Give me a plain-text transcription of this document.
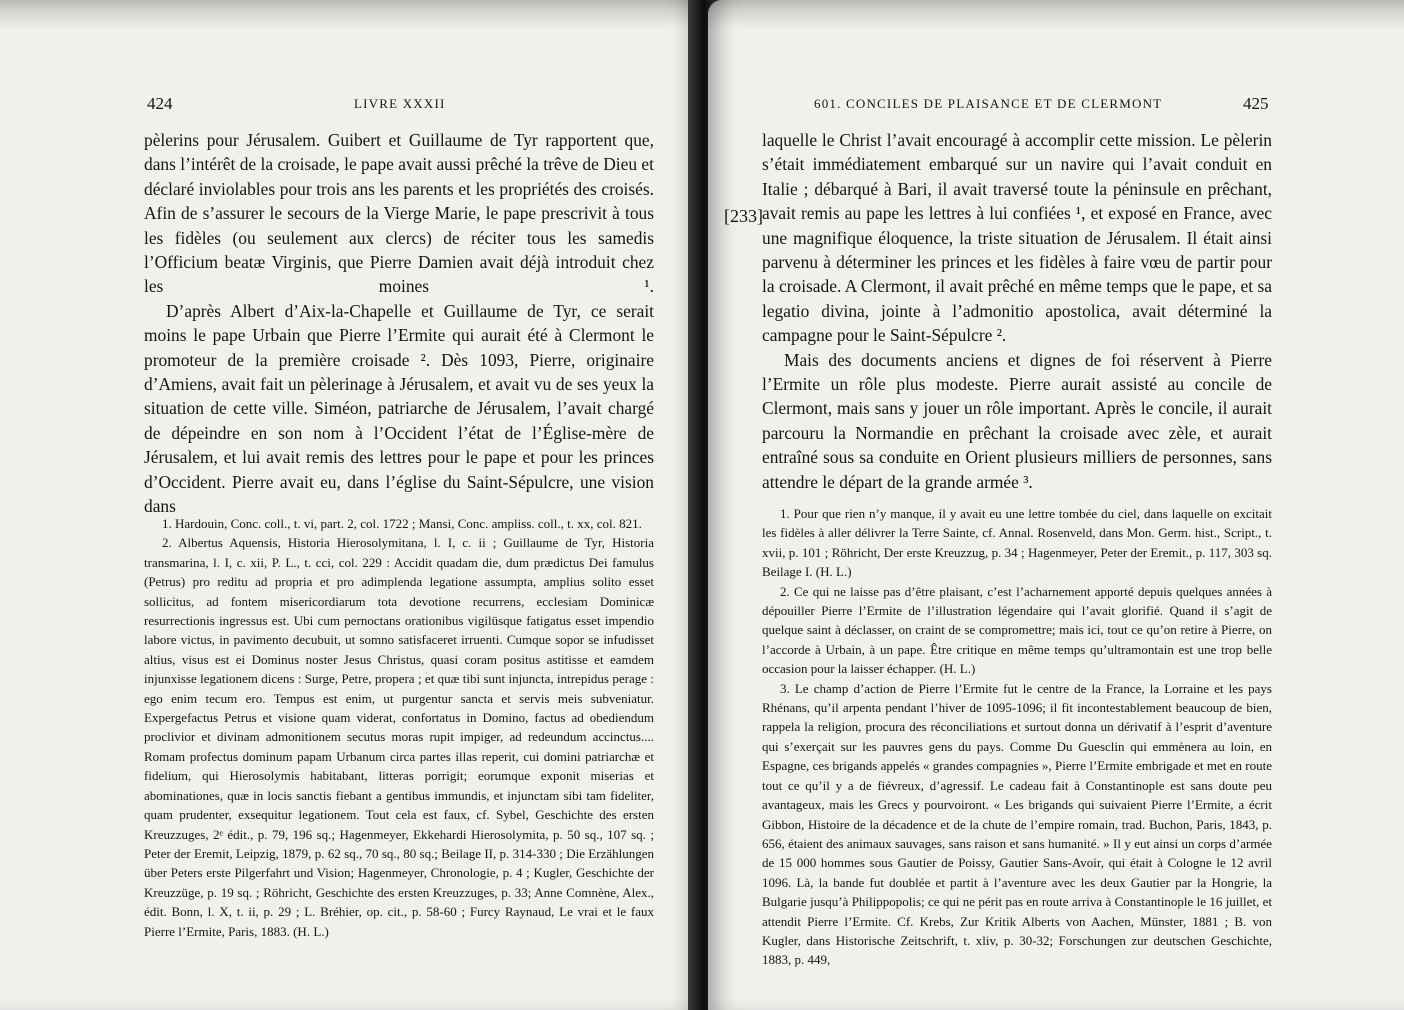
424	LIVRE XXXII

pèlerins pour Jérusalem. Guibert et Guillaume de Tyr rapportent que, dans l’intérêt de la croisade, le pape avait aussi prêché la trêve de Dieu et déclaré inviolables pour trois ans les parents et les propriétés des croisés. Afin de s’assurer le secours de la Vierge Marie, le pape prescrivit à tous les fidèles (ou seulement aux clercs) de réciter tous les samedis l’Officium beatæ Virginis, que Pierre Damien avait déjà introduit chez les moines ¹.

D’après Albert d’Aix-la-Chapelle et Guillaume de Tyr, ce serait moins le pape Urbain que Pierre l’Ermite qui aurait été à Clermont le promoteur de la première croisade ². Dès 1093, Pierre, originaire d’Amiens, avait fait un pèlerinage à Jérusalem, et avait vu de ses yeux la situation de cette ville. Siméon, patriarche de Jérusalem, l’avait chargé de dépeindre en son nom à l’Occident l’état de l’Église-mère de Jérusalem, et lui avait remis des lettres pour le pape et pour les princes d’Occident. Pierre avait eu, dans l’église du Saint-Sépulcre, une vision dans

1. Hardouin, Conc. coll., t. vi, part. 2, col. 1722 ; Mansi, Conc. ampliss. coll., t. xx, col. 821.

2. Albertus Aquensis, Historia Hierosolymitana, l. I, c. ii ; Guillaume de Tyr, Historia transmarina, l. I, c. xii, P. L., t. cci, col. 229 : Accidit quadam die, dum prædictus Dei famulus (Petrus) pro reditu ad propria et pro adimplenda legatione assumpta, amplius solito esset sollicitus, ad fontem misericordiarum tota devotione recurrens, ecclesiam Dominicæ resurrectionis ingressus est. Ubi cum pernoctans orationibus vigilüsque fatigatus esset impendio labore victus, in pavimento decubuit, ut somno satisfaceret irruenti. Cumque sopor se infudisset altius, visus est ei Dominus noster Jesus Christus, quasi coram positus astitisse et eamdem injunxisse legationem dicens : Surge, Petre, propera ; et quæ tibi sunt injuncta, intrepidus perage : ego enim tecum ero. Tempus est enim, ut purgentur sancta et servis meis subveniatur. Expergefactus Petrus et visione quam viderat, confortatus in Domino, factus ad obediendum proclivior et divinam admonitionem secutus moras rupit impiger, ad redeundum accinctus.... Romam profectus dominum papam Urbanum circa partes illas reperit, cui domini patriarchæ et fidelium, qui Hierosolymis habitabant, litteras porrigit; eorumque exponit miserias et abominationes, quæ in locis sanctis fiebant a gentibus immundis, et injunctam sibi tam fideliter, quam prudenter, exsequitur legationem. Tout cela est faux, cf. Sybel, Geschichte des ersten Kreuzzuges, 2ᵉ édit., p. 79, 196 sq.; Hagenmeyer, Ekkehardi Hierosolymita, p. 50 sq., 107 sq. ; Peter der Eremit, Leipzig, 1879, p. 62 sq., 70 sq., 80 sq.; Beilage II, p. 314-330 ; Die Erzählungen über Peters erste Pilgerfahrt und Vision; Hagenmeyer, Chronologie, p. 4 ; Kugler, Geschichte der Kreuzzüge, p. 19 sq. ; Röhricht, Geschichte des ersten Kreuzzuges, p. 33; Anne Comnène, Alex., édit. Bonn, l. X, t. ii, p. 29 ; L. Bréhier, op. cit., p. 58-60 ; Furcy Raynaud, Le vrai et le faux Pierre l’Ermite, Paris, 1883. (H. L.)

601. CONCILES DE PLAISANCE ET DE CLERMONT	425
[233]

laquelle le Christ l’avait encouragé à accomplir cette mission. Le pèlerin s’était immédiatement embarqué sur un navire qui l’avait conduit en Italie ; débarqué à Bari, il avait traversé toute la péninsule en prêchant, avait remis au pape les lettres à lui confiées ¹, et exposé en France, avec une magnifique éloquence, la triste situation de Jérusalem. Il était ainsi parvenu à déterminer les princes et les fidèles à faire vœu de partir pour la croisade. A Clermont, il avait prêché en même temps que le pape, et sa legatio divina, jointe à l’admonitio apostolica, avait déterminé la campagne pour le Saint-Sépulcre ².

Mais des documents anciens et dignes de foi réservent à Pierre l’Ermite un rôle plus modeste. Pierre aurait assisté au concile de Clermont, mais sans y jouer un rôle important. Après le concile, il aurait parcouru la Normandie en prêchant la croisade avec zèle, et aurait entraîné sous sa conduite en Orient plusieurs milliers de personnes, sans attendre le départ de la grande armée ³.

1. Pour que rien n’y manque, il y avait eu une lettre tombée du ciel, dans laquelle on excitait les fidèles à aller délivrer la Terre Sainte, cf. Annal. Rosenveld, dans Mon. Germ. hist., Script., t. xvii, p. 101 ; Röhricht, Der erste Kreuzzug, p. 34 ; Hagenmeyer, Peter der Eremit., p. 117, 303 sq. Beilage I. (H. L.)

2. Ce qui ne laisse pas d’être plaisant, c’est l’acharnement apporté depuis quelques années à dépouiller Pierre l’Ermite de l’illustration légendaire qui l’avait glorifié. Quand il s’agit de quelque saint à déclasser, on craint de se compromettre; mais ici, tout ce qu’on retire à Pierre, on l’accorde à Urbain, à un pape. Être critique en même temps qu’ultramontain est une trop belle occasion pour la laisser échapper. (H. L.)

3. Le champ d’action de Pierre l’Ermite fut le centre de la France, la Lorraine et les pays Rhénans, qu’il arpenta pendant l’hiver de 1095-1096; il fit incontestablement beaucoup de bien, rappela la religion, procura des réconciliations et surtout donna un dérivatif à l’esprit d’aventure qui s’exerçait sur les pauvres gens du pays. Comme Du Guesclin qui emmènera au loin, en Espagne, ces brigands appelés « grandes compagnies », Pierre l’Ermite embrigade et met en route tout ce qu’il y a de fiévreux, d’agressif. Le cadeau fait à Constantinople est sans doute peu avantageux, mais les Grecs y pourvoiront. « Les brigands qui suivaient Pierre l’Ermite, a écrit Gibbon, Histoire de la décadence et de la chute de l’empire romain, trad. Buchon, Paris, 1843, p. 656, étaient des animaux sauvages, sans raison et sans humanité. » Il y eut ainsi un corps d’armée de 15 000 hommes sous Gautier de Poissy, Gautier Sans-Avoir, qui était à Cologne le 12 avril 1096. Là, la bande fut doublée et partit à l’aventure avec les deux Gautier par la Hongrie, la Bulgarie jusqu’à Philippopolis; ce qui ne périt pas en route arriva à Constantinople le 16 juillet, et attendit Pierre l’Ermite. Cf. Krebs, Zur Kritik Alberts von Aachen, Münster, 1881 ; B. von Kugler, dans Historische Zeitschrift, t. xliv, p. 30-32; Forschungen zur deutschen Geschichte, 1883, p. 449,
